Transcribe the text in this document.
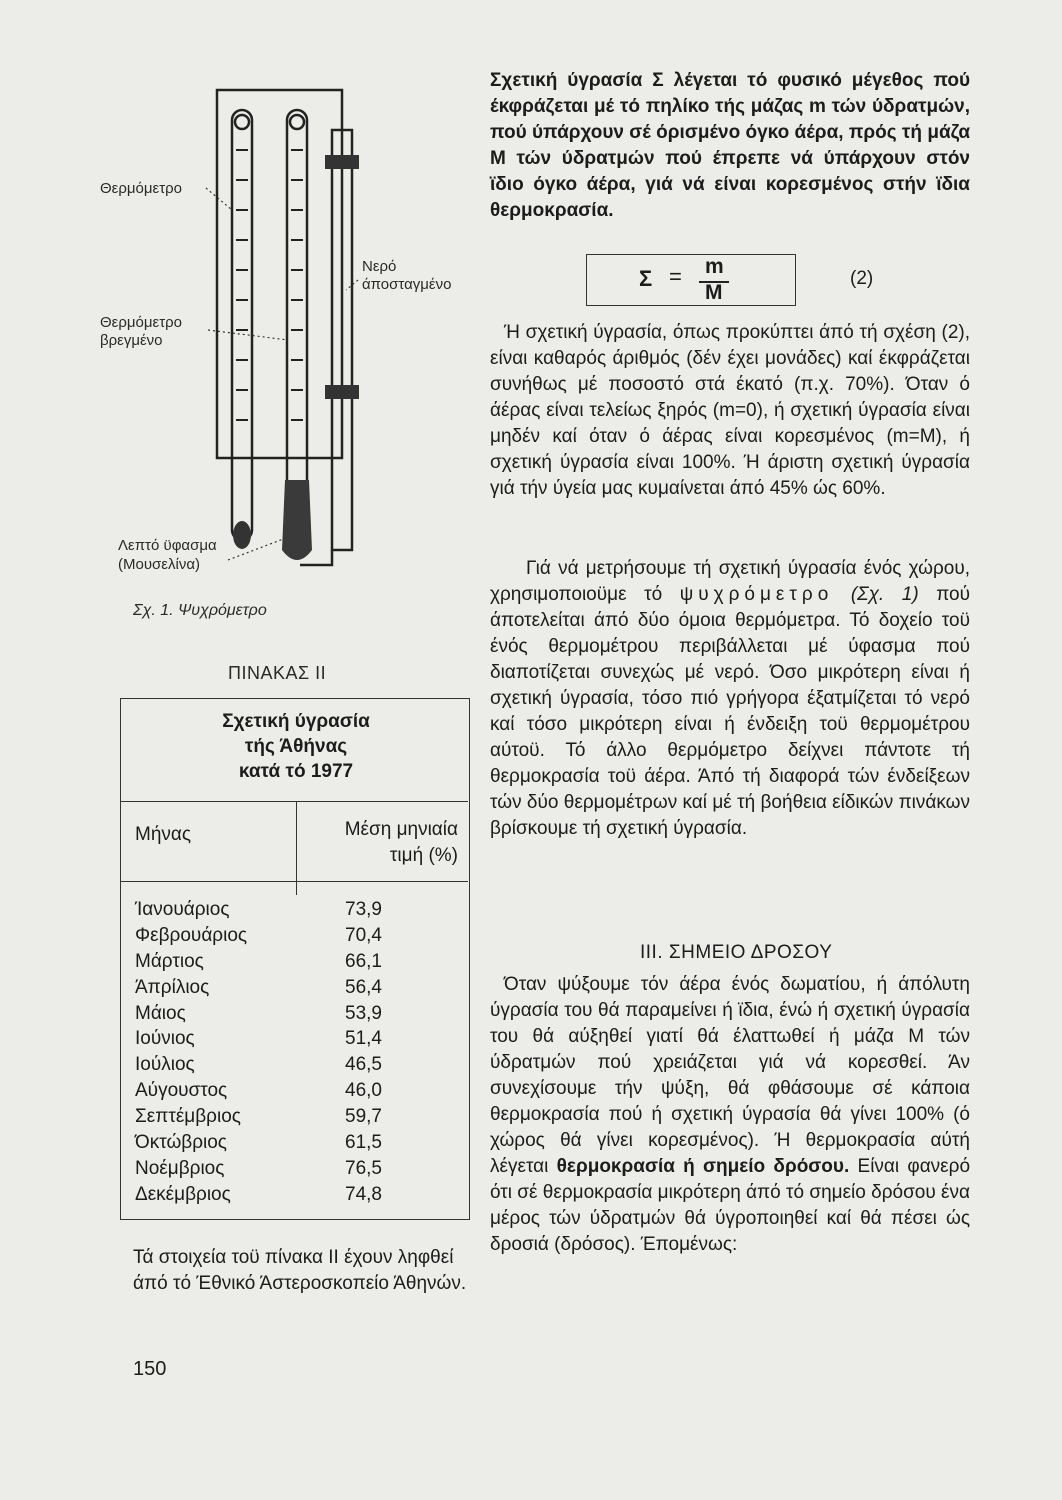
Θερμόμετρο
Θερμόμετρο
βρεγμένο
Νερό
άποσταγμένο
Λεπτό ϋφασμα
(Μουσελίνα)
Σχ. 1. Ψυχρόμετρο
ΠΙΝΑΚΑΣ ΙΙ
Σχετική ύγρασία
τής Άθήνας
κατά τό 1977
Μήνας	Μέση μηνιαία
τιμή (%)
Ίανουάριος	73,9
Φεβρουάριος	70,4
Μάρτιος	66,1
Άπρίλιος	56,4
Μάιος	53,9
Ιούνιος	51,4
Ιούλιος	46,5
Αύγουστος	46,0
Σεπτέμβριος	59,7
Όκτώβριος	61,5
Νοέμβριος	76,5
Δεκέμβριος	74,8
Τά στοιχεία τοϋ πίνακα ΙΙ έχουν ληφθεί άπό τό Έθνικό Άστεροσκοπείο Άθηνών.
150
Σχετική ύγρασία Σ λέγεται τό φυσικό μέγεθος πού έκφράζεται μέ τό πηλίκο τής μάζας m τών ύδρατμών, πού ύπάρχουν σέ όρισμένο όγκο άέρα, πρός τή μάζα Μ τών ύδρατμών πού έπρεπε νά ύπάρχουν στόν ϊδιο όγκο άέρα, γιά νά είναι κορεσμένος στήν ϊδια θερμοκρασία.
Σ = m
M
(2)
Ή σχετική ύγρασία, όπως προκύπτει άπό τή σχέση (2), είναι καθαρός άριθμός (δέν έχει μονάδες) καί έκφράζεται συνήθως μέ ποσοστό στά έκατό (π.χ. 70%). Όταν ό άέρας είναι τελείως ξηρός (m=0), ή σχετική ύγρασία είναι μηδέν καί όταν ό άέρας είναι κορεσμένος (m=M), ή σχετική ύγρασία είναι 100%. Ή άριστη σχετική ύγρασία γιά τήν ύγεία μας κυμαίνεται άπό 45% ώς 60%.
Γιά νά μετρήσουμε τή σχετική ύγρασία ένός χώρου, χρησιμοποιοϋμε τό ψυχρόμετρο (Σχ. 1) πού άποτελείται άπό δύο όμοια θερμόμετρα. Τό δοχείο τοϋ ένός θερμομέτρου περιβάλλεται μέ ύφασμα πού διαποτίζεται συνεχώς μέ νερό. Όσο μικρότερη είναι ή σχετική ύγρασία, τόσο πιό γρήγορα έξατμίζεται τό νερό καί τόσο μικρότερη είναι ή ένδειξη τοϋ θερμομέτρου αύτοϋ. Τό άλλο θερμόμετρο δείχνει πάντοτε τή θερμοκρασία τοϋ άέρα. Άπό τή διαφορά τών ένδείξεων τών δύο θερμομέτρων καί μέ τή βοήθεια είδικών πινάκων βρίσκουμε τή σχετική ύγρασία.
III. ΣΗΜΕΙΟ ΔΡΟΣΟΥ
Όταν ψύξουμε τόν άέρα ένός δωματίου, ή άπόλυτη ύγρασία του θά παραμείνει ή ϊδια, ένώ ή σχετική ύγρασία του θά αύξηθεί γιατί θά έλαττωθεί ή μάζα Μ τών ύδρατμών πού χρειάζεται γιά νά κορεσθεί. Άν συνεχίσουμε τήν ψύξη, θά φθάσουμε σέ κάποια θερμοκρασία πού ή σχετική ύγρασία θά γίνει 100% (ό χώρος θά γίνει κορεσμένος). Ή θερμοκρασία αύτή λέγεται θερμοκρασία ή σημείο δρόσου. Είναι φανερό ότι σέ θερμοκρασία μικρότερη άπό τό σημείο δρόσου ένα μέρος τών ύδρατμών θά ύγροποιηθεί καί θά πέσει ώς δροσιά (δρόσος). Έπομένως:
